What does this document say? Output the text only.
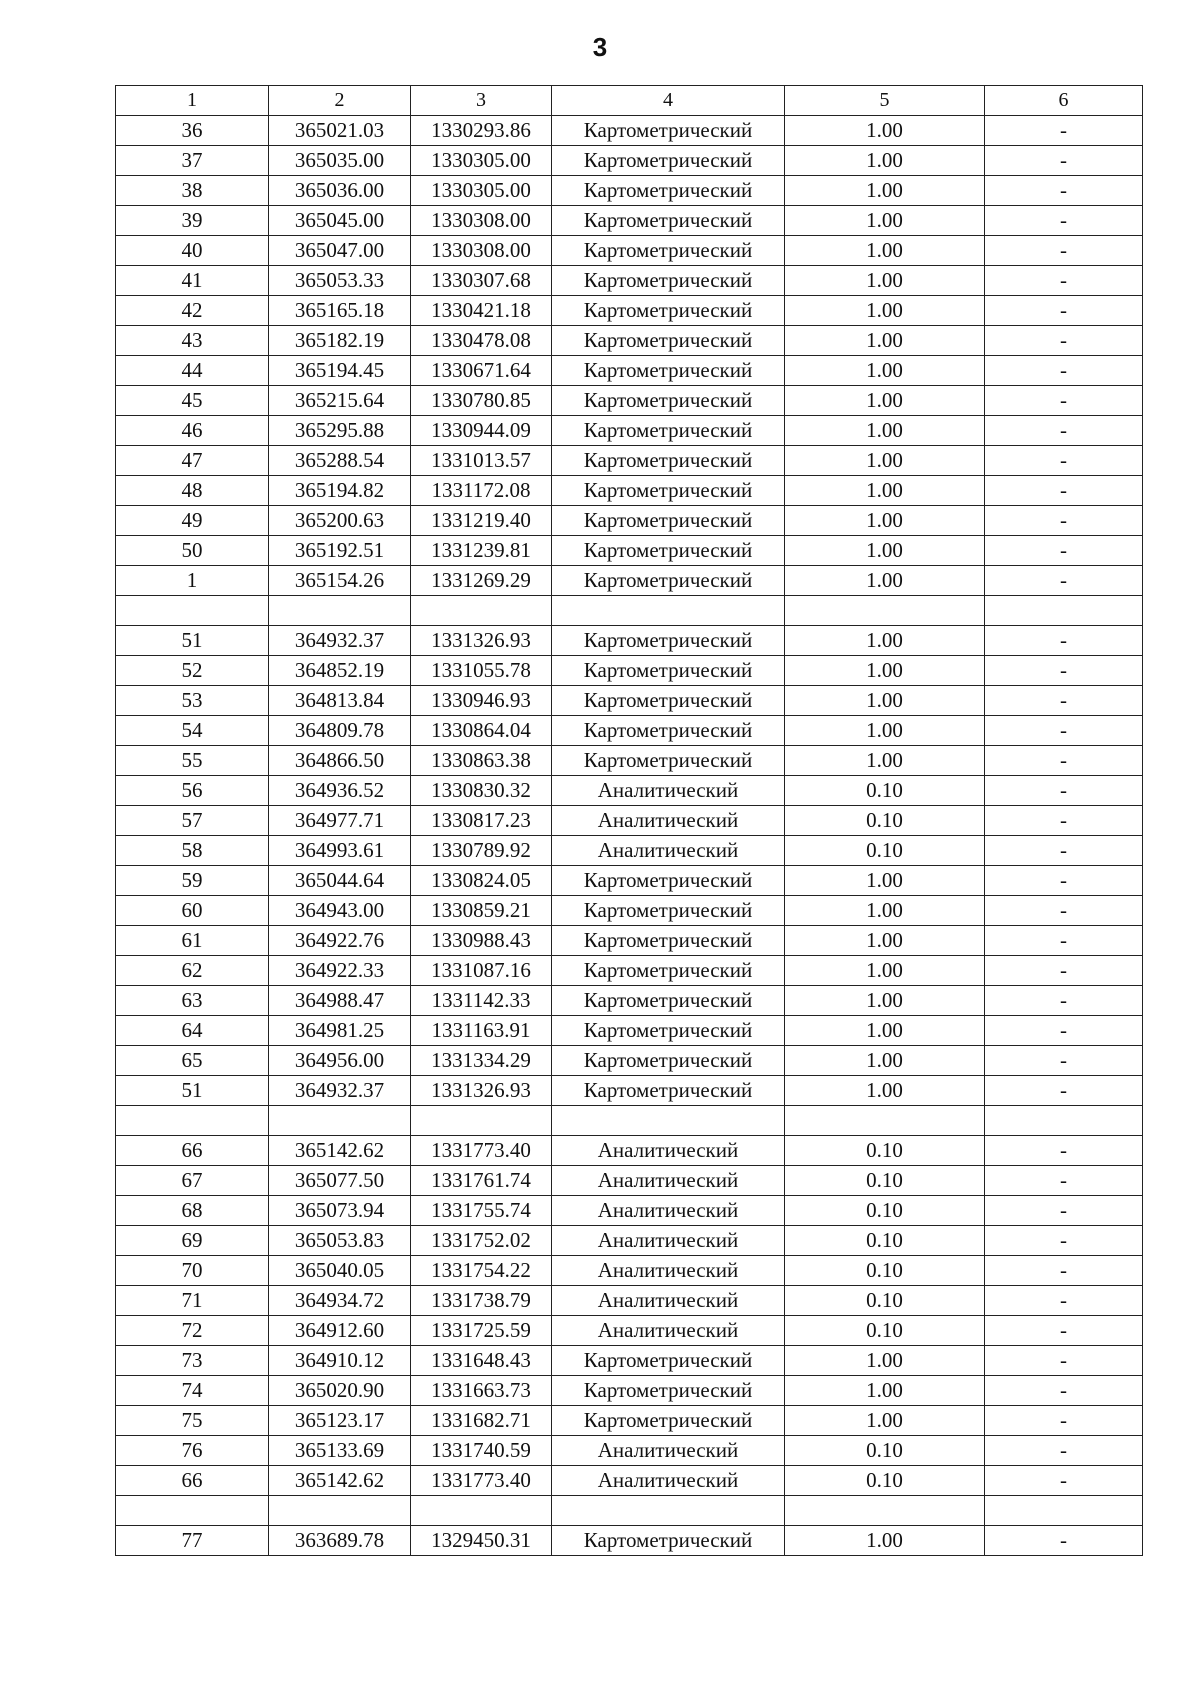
3
1	2	3	4	5	6
36	365021.03	1330293.86	Картометрический	1.00	-
37	365035.00	1330305.00	Картометрический	1.00	-
38	365036.00	1330305.00	Картометрический	1.00	-
39	365045.00	1330308.00	Картометрический	1.00	-
40	365047.00	1330308.00	Картометрический	1.00	-
41	365053.33	1330307.68	Картометрический	1.00	-
42	365165.18	1330421.18	Картометрический	1.00	-
43	365182.19	1330478.08	Картометрический	1.00	-
44	365194.45	1330671.64	Картометрический	1.00	-
45	365215.64	1330780.85	Картометрический	1.00	-
46	365295.88	1330944.09	Картометрический	1.00	-
47	365288.54	1331013.57	Картометрический	1.00	-
48	365194.82	1331172.08	Картометрический	1.00	-
49	365200.63	1331219.40	Картометрический	1.00	-
50	365192.51	1331239.81	Картометрический	1.00	-
1	365154.26	1331269.29	Картометрический	1.00	-

51	364932.37	1331326.93	Картометрический	1.00	-
52	364852.19	1331055.78	Картометрический	1.00	-
53	364813.84	1330946.93	Картометрический	1.00	-
54	364809.78	1330864.04	Картометрический	1.00	-
55	364866.50	1330863.38	Картометрический	1.00	-
56	364936.52	1330830.32	Аналитический	0.10	-
57	364977.71	1330817.23	Аналитический	0.10	-
58	364993.61	1330789.92	Аналитический	0.10	-
59	365044.64	1330824.05	Картометрический	1.00	-
60	364943.00	1330859.21	Картометрический	1.00	-
61	364922.76	1330988.43	Картометрический	1.00	-
62	364922.33	1331087.16	Картометрический	1.00	-
63	364988.47	1331142.33	Картометрический	1.00	-
64	364981.25	1331163.91	Картометрический	1.00	-
65	364956.00	1331334.29	Картометрический	1.00	-
51	364932.37	1331326.93	Картометрический	1.00	-

66	365142.62	1331773.40	Аналитический	0.10	-
67	365077.50	1331761.74	Аналитический	0.10	-
68	365073.94	1331755.74	Аналитический	0.10	-
69	365053.83	1331752.02	Аналитический	0.10	-
70	365040.05	1331754.22	Аналитический	0.10	-
71	364934.72	1331738.79	Аналитический	0.10	-
72	364912.60	1331725.59	Аналитический	0.10	-
73	364910.12	1331648.43	Картометрический	1.00	-
74	365020.90	1331663.73	Картометрический	1.00	-
75	365123.17	1331682.71	Картометрический	1.00	-
76	365133.69	1331740.59	Аналитический	0.10	-
66	365142.62	1331773.40	Аналитический	0.10	-

77	363689.78	1329450.31	Картометрический	1.00	-
